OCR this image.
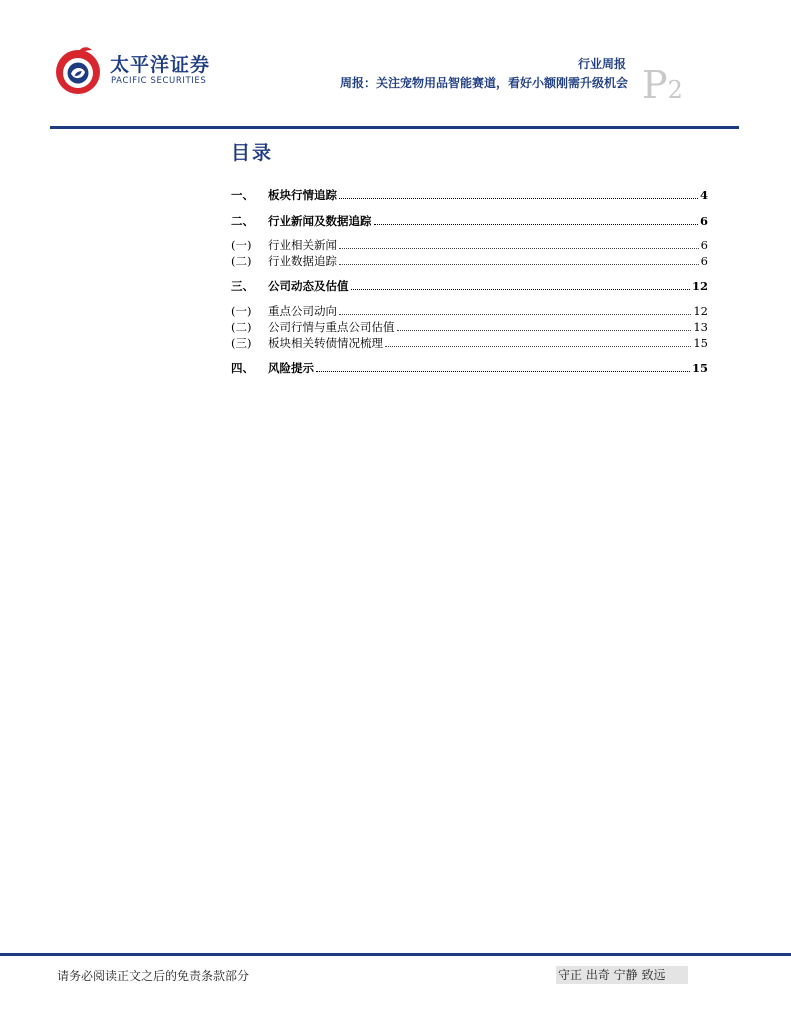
太平洋证券
PACIFIC SECURITIES
行业周报
周报：关注宠物用品智能赛道，看好小额刚需升级机会 P2
目录
一、	板块行情追踪	4
二、	行业新闻及数据追踪	6
(一)	行业相关新闻	6
(二)	行业数据追踪	6
三、	公司动态及估值	12
(一)	重点公司动向	12
(二)	公司行情与重点公司估值	13
(三)	板块相关转债情况梳理	15
四、	风险提示	15
请务必阅读正文之后的免责条款部分	守正 出奇 宁静 致远
